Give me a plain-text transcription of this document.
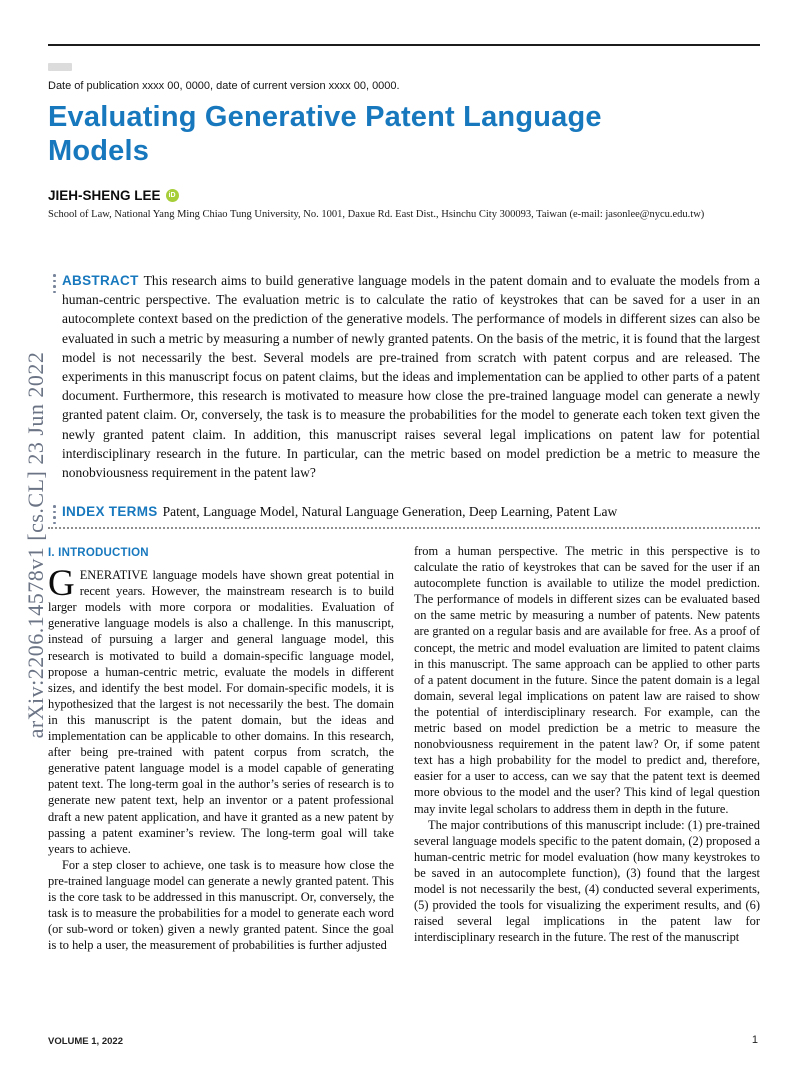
Date of publication xxxx 00, 0000, date of current version xxxx 00, 0000.
Evaluating Generative Patent Language Models
JIEH-SHENG LEE	iD
School of Law, National Yang Ming Chiao Tung University, No. 1001, Daxue Rd. East Dist., Hsinchu City 300093, Taiwan (e-mail: jasonlee@nycu.edu.tw)
arXiv:2206.14578v1 [cs.CL] 23 Jun 2022
ABSTRACT This research aims to build generative language models in the patent domain and to evaluate the models from a human-centric perspective. The evaluation metric is to calculate the ratio of keystrokes that can be saved for a user in an autocomplete context based on the prediction of the generative models. The performance of models in different sizes can also be evaluated in such a metric by measuring a number of newly granted patents. On the basis of the metric, it is found that the largest model is not necessarily the best. Several models are pre-trained from scratch with patent corpus and are released. The experiments in this manuscript focus on patent claims, but the ideas and implementation can be applied to other parts of a patent document. Furthermore, this research is motivated to measure how close the pre-trained language model can generate a newly granted patent claim. Or, conversely, the task is to measure the probabilities for the model to generate each token text given the newly granted patent claim. In addition, this manuscript raises several legal implications on patent law for potential interdisciplinary research in the future. In particular, can the metric based on model prediction be a metric to measure the nonobviousness requirement in the patent law?
INDEX TERMS Patent, Language Model, Natural Language Generation, Deep Learning, Patent Law
I. INTRODUCTION

GENERATIVE language models have shown great potential in recent years. However, the mainstream research is to build larger models with more corpora or modalities. Evaluation of generative language models is also a challenge. In this manuscript, instead of pursuing a larger and general language model, this research is motivated to build a domain-specific language model, propose a human-centric metric, evaluate the models in different sizes, and identify the best model. For domain-specific models, it is hypothesized that the largest is not necessarily the best. The domain in this manuscript is the patent domain, but the ideas and implementation can be applicable to other domains. In this research, after being pre-trained with patent corpus from scratch, the generative patent language model is a model capable of generating patent text. The long-term goal in the author’s series of research is to generate new patent text, help an inventor or a patent professional draft a new patent application, and have it granted as a new patent by passing a patent examiner’s review. The long-term goal will take years to achieve.

For a step closer to achieve, one task is to measure how close the pre-trained language model can generate a newly granted patent. This is the core task to be addressed in this manuscript. Or, conversely, the task is to measure the probabilities for a model to generate each word (or sub-word or token) given a newly granted patent. Since the goal is to help a user, the measurement of probabilities is further adjusted

from a human perspective. The metric in this perspective is to calculate the ratio of keystrokes that can be saved for the user if an autocomplete function is available to utilize the model prediction. The performance of models in different sizes can be evaluated based on the same metric by measuring a number of patents. New patents are granted on a regular basis and are available for free. As a proof of concept, the metric and model evaluation are limited to patent claims in this manuscript. The same approach can be applied to other parts of a patent document in the future. Since the patent domain is a legal domain, several legal implications on patent law are raised to show the potential of interdisciplinary research. For example, can the metric based on model prediction be a metric to measure the nonobviousness requirement in the patent law? Or, if some patent text has a high probability for the model to predict and, therefore, easier for a user to access, can we say that the patent text is deemed more obvious to the model and the user? This kind of legal question may invite legal scholars to address them in depth in the future.

The major contributions of this manuscript include: (1) pre-trained several language models specific to the patent domain, (2) proposed a human-centric metric for model evaluation (how many keystrokes to be saved in an autocomplete function), (3) found that the largest model is not necessarily the best, (4) conducted several experiments, (5) provided the tools for visualizing the experiment results, and (6) raised several legal implications in the patent law for interdisciplinary research in the future. The rest of the manuscript

VOLUME 1, 2022	1
